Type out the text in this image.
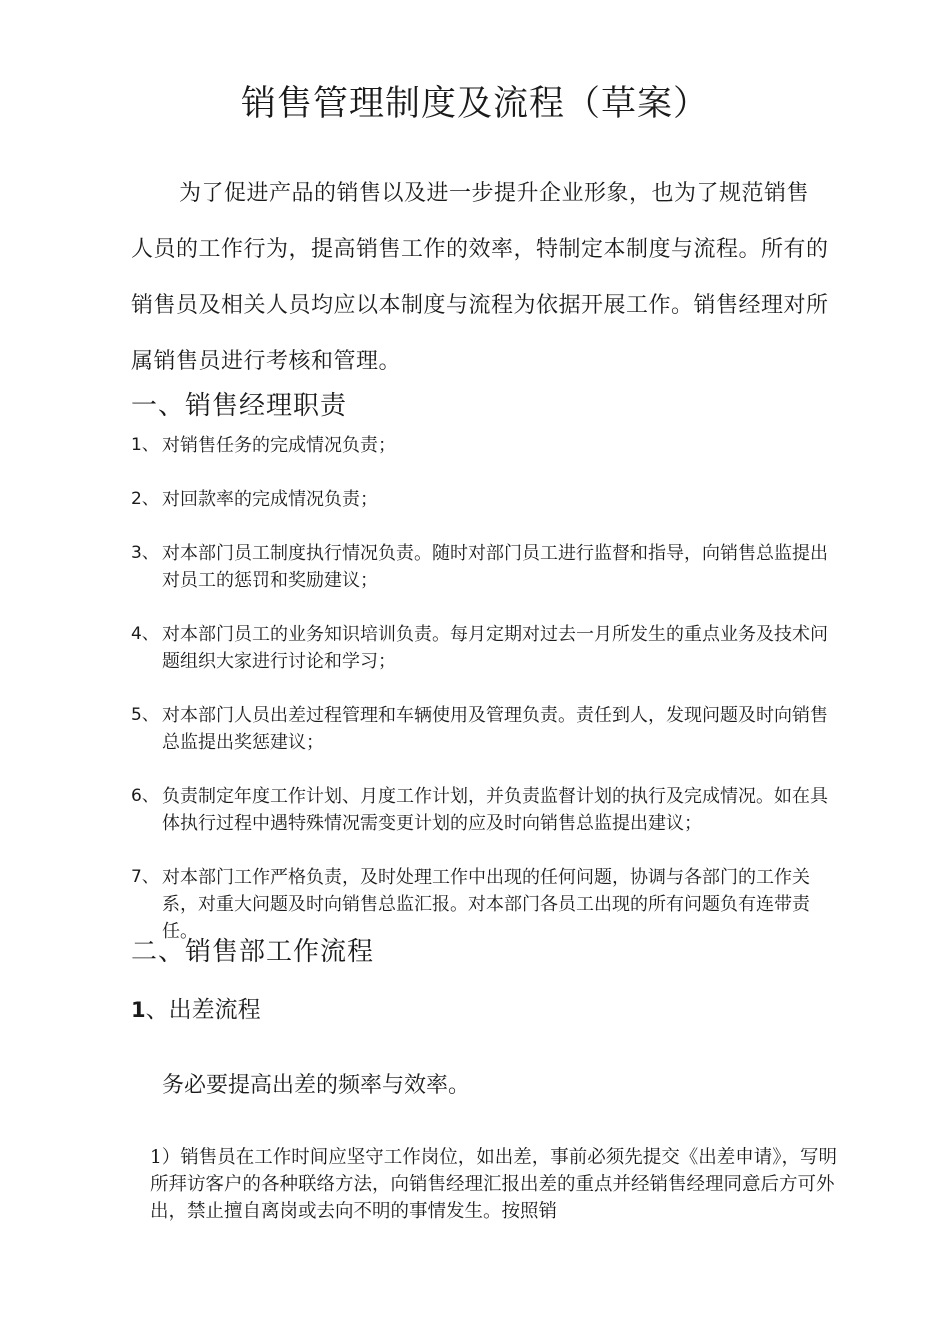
销售管理制度及流程（草案）

为了促进产品的销售以及进一步提升企业形象，也为了规范销售人员的工作行为，提高销售工作的效率，特制定本制度与流程。所有的销售员及相关人员均应以本制度与流程为依据开展工作。销售经理对所属销售员进行考核和管理。

一、销售经理职责
1、 对销售任务的完成情况负责；
2、 对回款率的完成情况负责；
3、 对本部门员工制度执行情况负责。随时对部门员工进行监督和指导，向销售总监提出对员工的惩罚和奖励建议；
4、 对本部门员工的业务知识培训负责。每月定期对过去一月所发生的重点业务及技术问题组织大家进行讨论和学习；
5、 对本部门人员出差过程管理和车辆使用及管理负责。责任到人，发现问题及时向销售总监提出奖惩建议；
6、 负责制定年度工作计划、月度工作计划，并负责监督计划的执行及完成情况。如在具体执行过程中遇特殊情况需变更计划的应及时向销售总监提出建议；
7、 对本部门工作严格负责，及时处理工作中出现的任何问题，协调与各部门的工作关系，对重大问题及时向销售总监汇报。对本部门各员工出现的所有问题负有连带责任。
二、销售部工作流程
1、出差流程
务必要提高出差的频率与效率。

1）销售员在工作时间应坚守工作岗位，如出差，事前必须先提交《出差申请》，写明所拜访客户的各种联络方法，向销售经理汇报出差的重点并经销售经理同意后方可外出，禁止擅自离岗或去向不明的事情发生。按照销
